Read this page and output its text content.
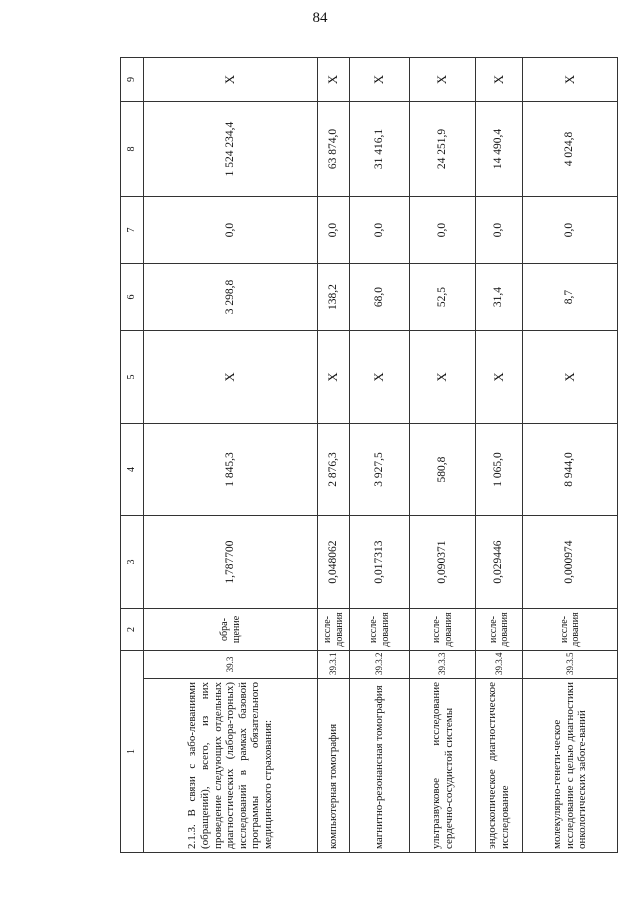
84
1		2	3	4	5	6	7	8	9
2.1.3. В связи с забо-леваниями (обращений), всего, из них проведение следующих отдельных диагностических (лабора-торных) исследований в рамках базовой программы обязательного медицинского страхования:	39.3	обра-щение	1,787700	1 845,3	X	3 298,8	0,0	1 524 234,4	X
компьютерная томография	39.3.1	иссле-дования	0,048062	2 876,3	X	138,2	0,0	63 874,0	X
магнитно-резонансная томография	39.3.2	иссле-дования	0,017313	3 927,5	X	68,0	0,0	31 416,1	X
ультразвуковое исследование сердечно-сосудистой системы	39.3.3	иссле-дования	0,090371	580,8	X	52,5	0,0	24 251,9	X
эндоскопическое диагностическое исследование	39.3.4	иссле-дования	0,029446	1 065,0	X	31,4	0,0	14 490,4	X
молекулярно-генети-ческое исследование с целью диагностики онкологических забоге-ваний	39.3.5	иссле-дования	0,000974	8 944,0	X	8,7	0,0	4 024,8	X
